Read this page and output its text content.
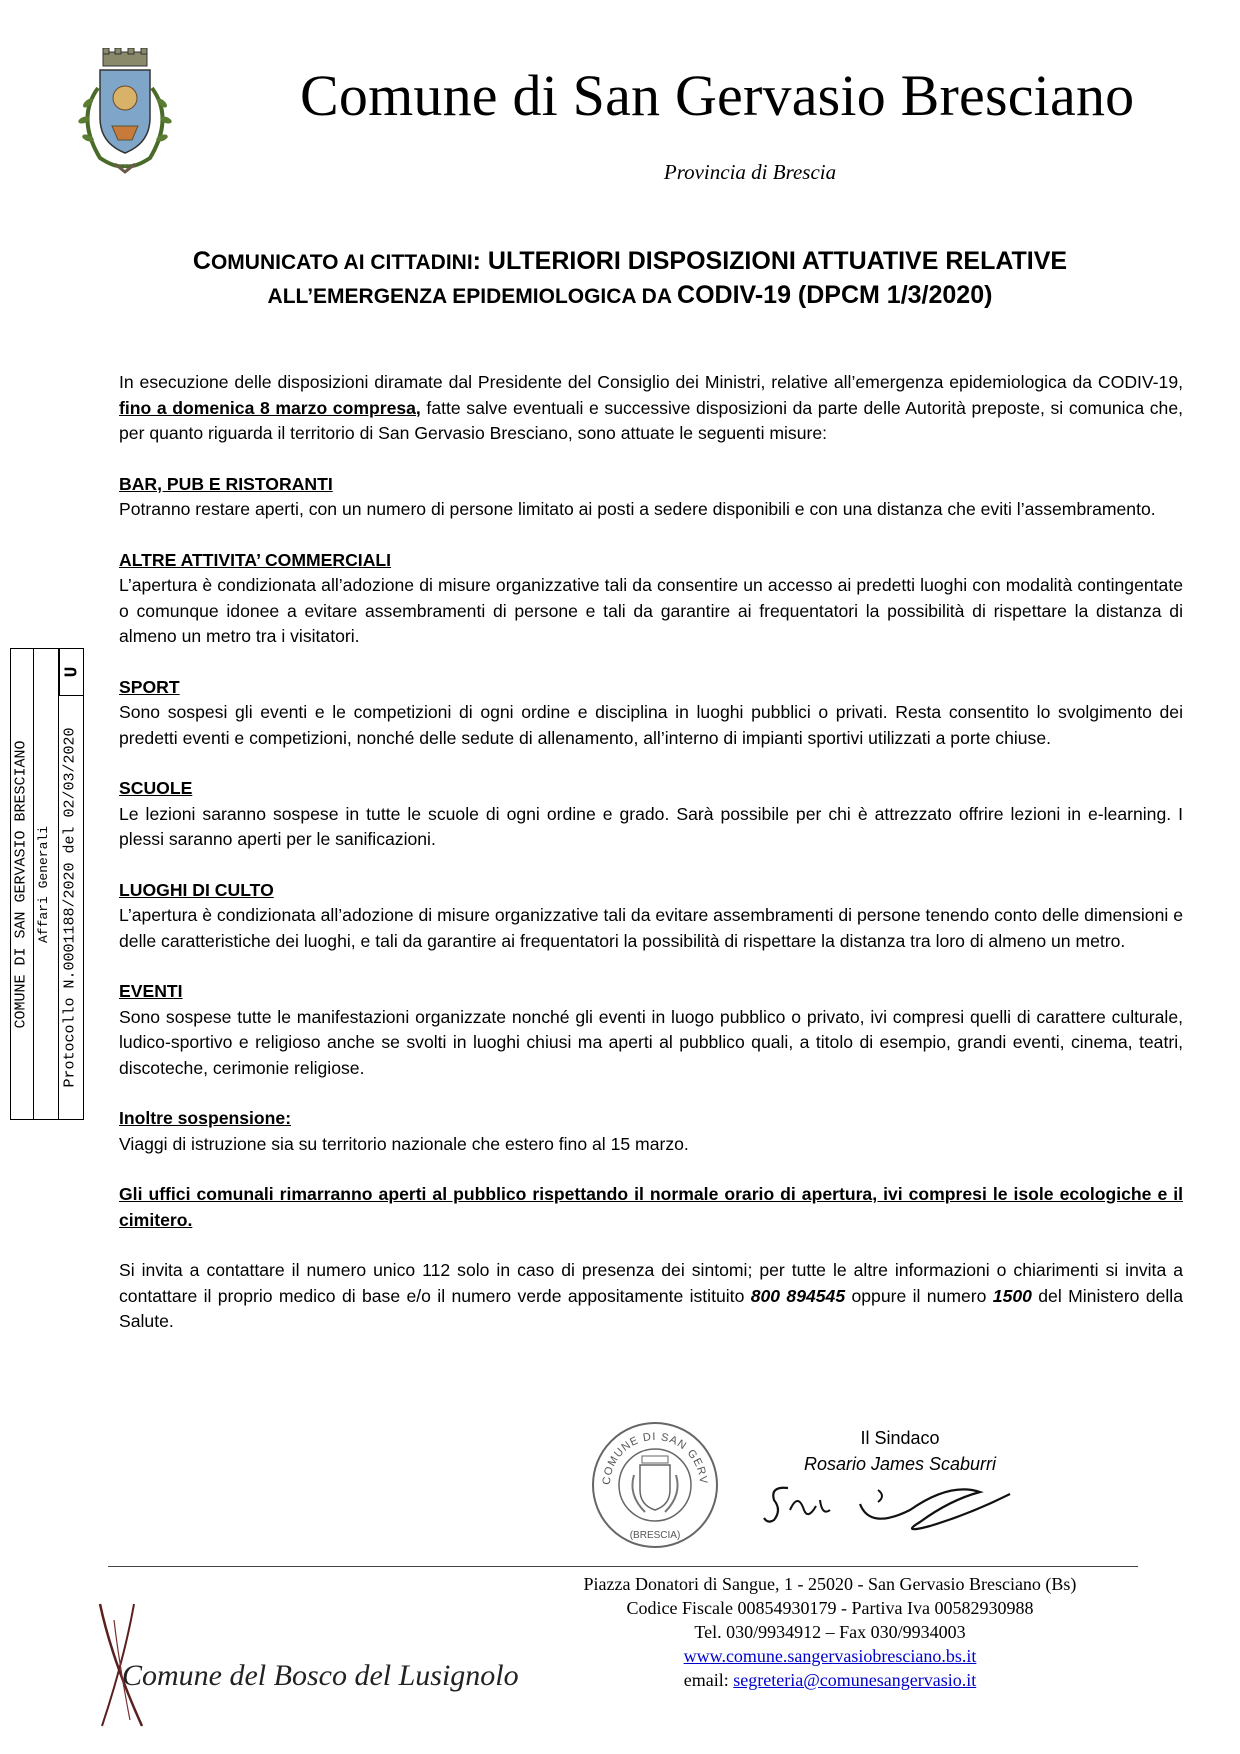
Comune di San Gervasio Bresciano
Provincia di Brescia
COMUNICATO AI CITTADINI: ULTERIORI DISPOSIZIONI ATTUATIVE RELATIVE
ALL’EMERGENZA EPIDEMIOLOGICA DA CODIV-19 (DPCM 1/3/2020)

In esecuzione delle disposizioni diramate dal Presidente del Consiglio dei Ministri, relative all’emergenza epidemiologica da CODIV-19, fino a domenica 8 marzo compresa, fatte salve eventuali e successive disposizioni da parte delle Autorità preposte, si comunica che, per quanto riguarda il territorio di San Gervasio Bresciano, sono attuate le seguenti misure:

BAR, PUB E RISTORANTI

Potranno restare aperti, con un numero di persone limitato ai posti a sedere disponibili e con una distanza che eviti l’assembramento.

ALTRE ATTIVITA’ COMMERCIALI

L’apertura è condizionata all’adozione di misure organizzative tali da consentire un accesso ai predetti luoghi con modalità contingentate o comunque idonee a evitare assembramenti di persone e tali da garantire ai frequentatori la possibilità di rispettare la distanza di almeno un metro tra i visitatori.

SPORT

Sono sospesi gli eventi e le competizioni di ogni ordine e disciplina in luoghi pubblici o privati. Resta consentito lo svolgimento dei predetti eventi e competizioni, nonché delle sedute di allenamento, all’interno di impianti sportivi utilizzati a porte chiuse.

SCUOLE

Le lezioni saranno sospese in tutte le scuole di ogni ordine e grado. Sarà possibile per chi è attrezzato offrire lezioni in e-learning. I plessi saranno aperti per le sanificazioni.

LUOGHI DI CULTO

L’apertura è condizionata all’adozione di misure organizzative tali da evitare assembramenti di persone tenendo conto delle dimensioni e delle caratteristiche dei luoghi, e tali da garantire ai frequentatori la possibilità di rispettare la distanza tra loro di almeno un metro.

EVENTI

Sono sospese tutte le manifestazioni organizzate nonché gli eventi in luogo pubblico o privato, ivi compresi quelli di carattere culturale, ludico-sportivo e religioso anche se svolti in luoghi chiusi ma aperti al pubblico quali, a titolo di esempio, grandi eventi, cinema, teatri, discoteche, cerimonie religiose.

Inoltre sospensione:

Viaggi di istruzione sia su territorio nazionale che estero fino al 15 marzo.

Gli uffici comunali rimarranno aperti al pubblico rispettando il normale orario di apertura, ivi compresi le isole ecologiche e il cimitero.

Si invita a contattare il numero unico 112 solo in caso di presenza dei sintomi; per tutte le altre informazioni o chiarimenti si invita a contattare il proprio medico di base e/o il numero verde appositamente istituito 800 894545 oppure il numero 1500 del Ministero della Salute.

COMUNE DI SAN GERVASIO BRESCIANO Affari Generali Protocollo N.0001188/2020 del 02/03/2020
U
COMUNE DI SAN GERV
(BRESCIA)
Il Sindaco
Rosario James Scaburri
Comune del Bosco del Lusignolo
Piazza Donatori di Sangue, 1 - 25020 - San Gervasio Bresciano (Bs)
Codice Fiscale 00854930179 - Partiva Iva 00582930988
Tel. 030/9934912 – Fax 030/9934003
www.comune.sangervasiobresciano.bs.it
email: segreteria@comunesangervasio.it
